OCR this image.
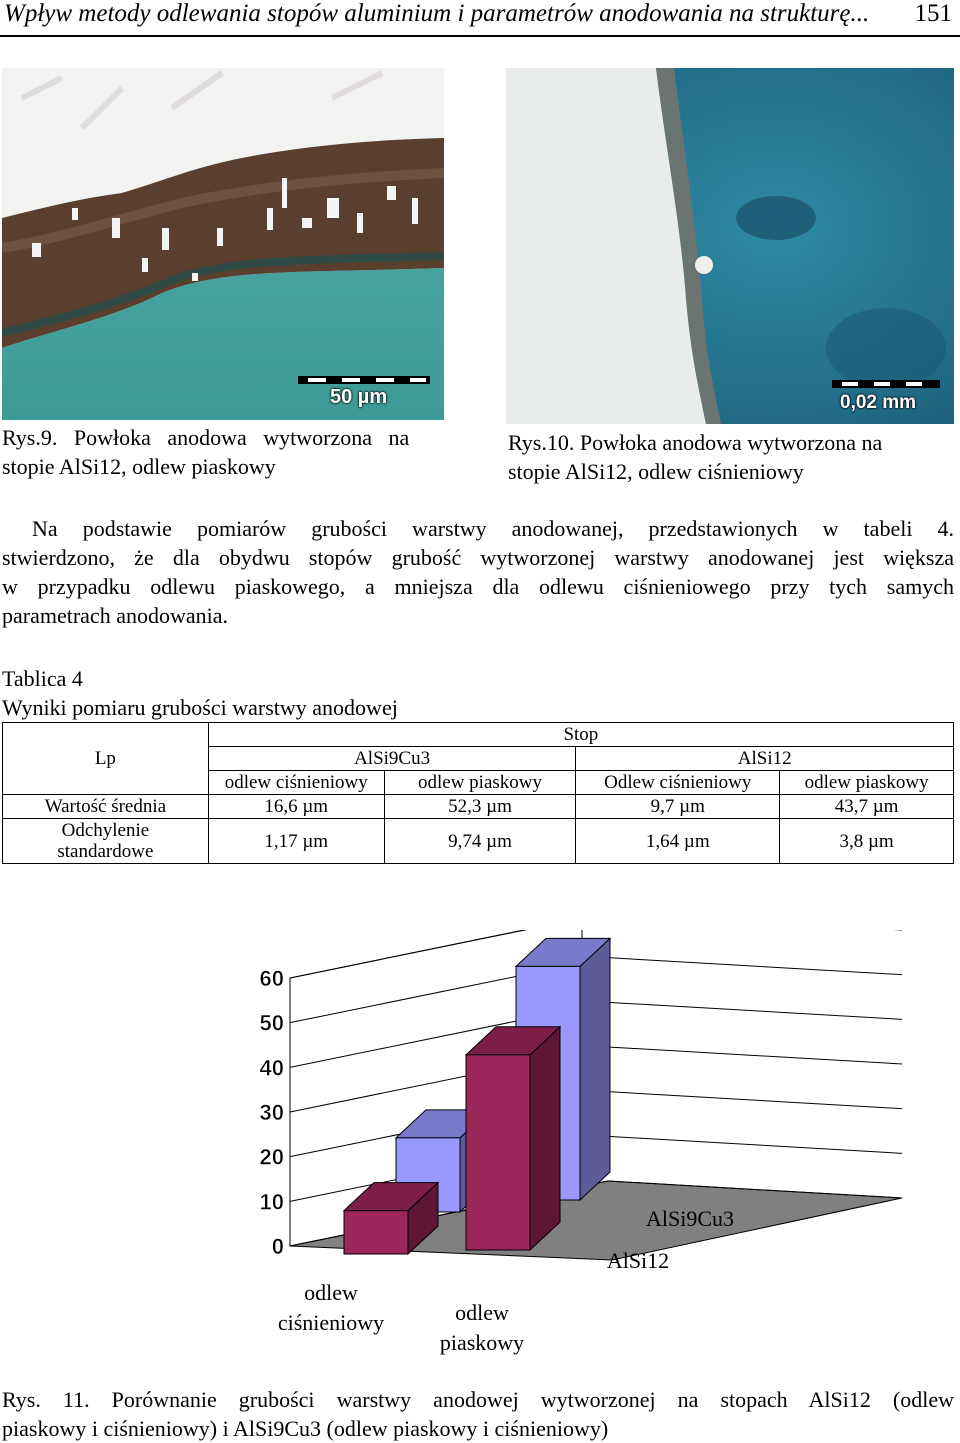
Wpływ metody odlewania stopów aluminium i parametrów anodowania na strukturę... 151
50 µm	0,02 mm
Rys.9.   Powłoka   anodowa   wytworzona   na
stopie AlSi12, odlew piaskowy
Rys.10. Powłoka anodowa wytworzona na
stopie AlSi12, odlew ciśnieniowy
Na podstawie pomiarów grubości warstwy anodowanej, przedstawionych w tabeli 4.
stwierdzono, że dla obydwu stopów grubość wytworzonej warstwy anodowanej jest większa
w przypadku odlewu piaskowego, a mniejsza dla odlewu ciśnieniowego przy tych samych
parametrach anodowania.
Tablica 4
Wyniki pomiaru grubości warstwy anodowej
	Stop			
Lp	AlSi9Cu3		AlSi12	
	odlew ciśnieniowy	odlew piaskowy	Odlew ciśnieniowy	odlew piaskowy
Wartość średnia	16,6 µm	52,3 µm	9,7 µm	43,7 µm
Odchylenie
standardowe	1,17 µm	9,74 µm	1,64 µm	3,8 µm
0
10
20
30
40
50
60
AlSi9Cu3
AlSi12
odlew
ciśnieniowy	odlew
piaskowy
Rys. 11. Porównanie grubości warstwy anodowej wytworzonej na stopach AlSi12 (odlew
piaskowy i ciśnieniowy) i AlSi9Cu3 (odlew piaskowy i ciśnieniowy)
